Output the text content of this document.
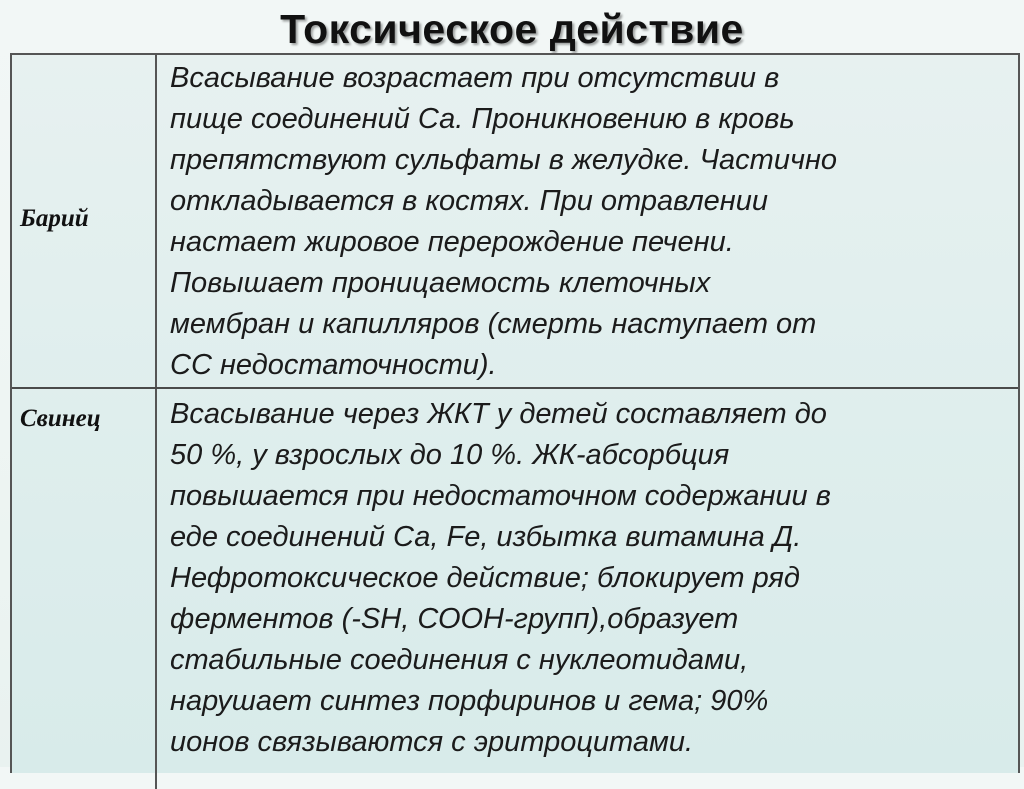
Токсическое действие
Барий
Всасывание возрастает при отсутствии в
пище соединений Са. Проникновению в кровь
препятствуют сульфаты в желудке. Частично
откладывается в костях. При отравлении
настает жировое перерождение печени.
Повышает проницаемость клеточных
мембран и капилляров (смерть наступает от
СС недостаточности).
Свинец Всасывание через ЖКТ у детей составляет до
50 %, у взрослых до 10 %. ЖК-абсорбция
повышается при недостаточном содержании в
еде соединений Са, Fe, избытка витамина Д.
Нефротоксическое действие; блокирует ряд
ферментов (-SH, СООН-групп),образует
стабильные соединения с нуклеотидами,
нарушает синтез порфиринов и гема; 90%
ионов связываются с эритроцитами.
